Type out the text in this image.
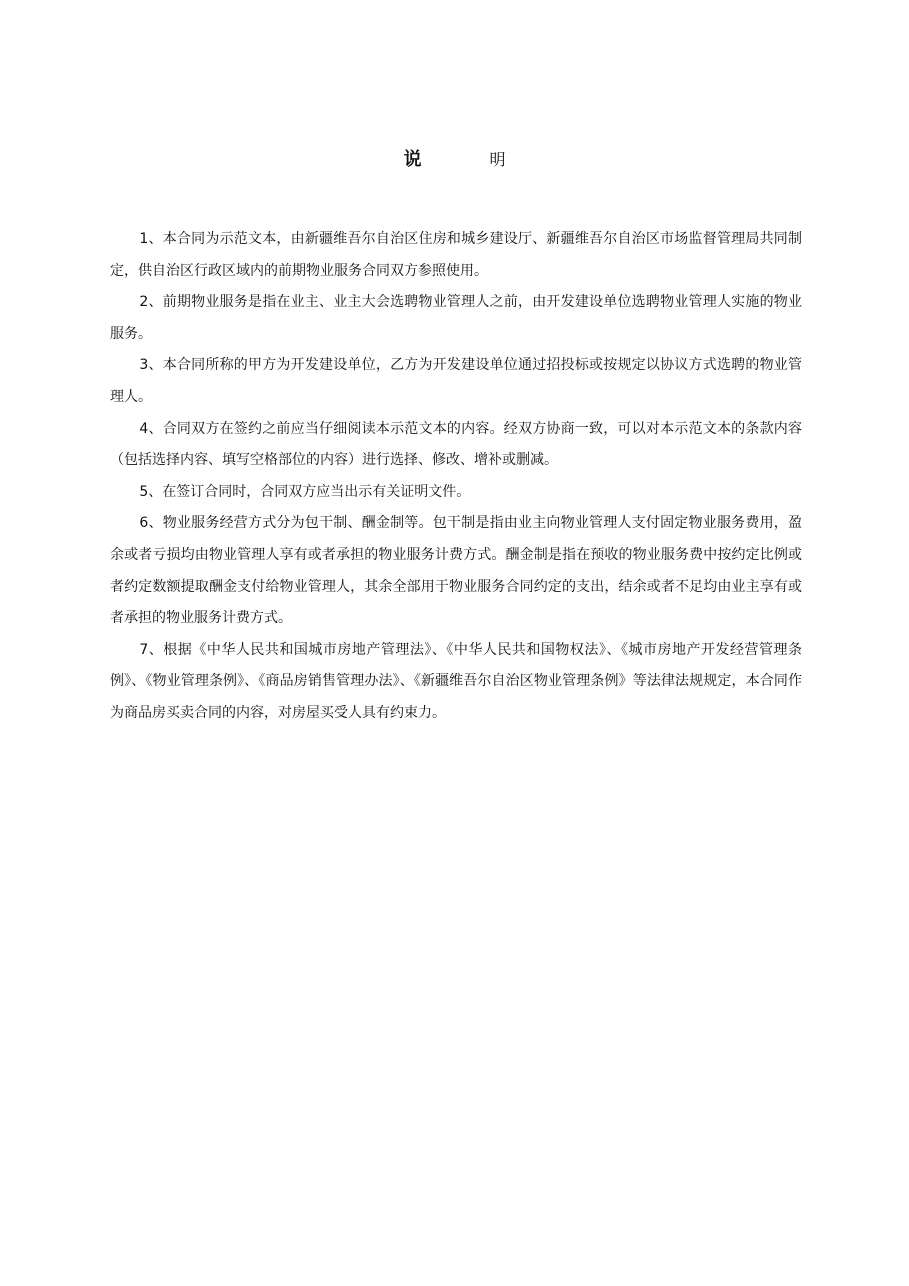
说	明

1、本合同为示范文本，由新疆维吾尔自治区住房和城乡建设厅、新疆维吾尔自治区市场监督管理局共同制定，供自治区行政区域内的前期物业服务合同双方参照使用。

2、前期物业服务是指在业主、业主大会选聘物业管理人之前，由开发建设单位选聘物业管理人实施的物业服务。

3、本合同所称的甲方为开发建设单位，乙方为开发建设单位通过招投标或按规定以协议方式选聘的物业管理人。

4、合同双方在签约之前应当仔细阅读本示范文本的内容。经双方协商一致，可以对本示范文本的条款内容（包括选择内容、填写空格部位的内容）进行选择、修改、增补或删减。

5、在签订合同时，合同双方应当出示有关证明文件。

6、物业服务经营方式分为包干制、酬金制等。包干制是指由业主向物业管理人支付固定物业服务费用，盈余或者亏损均由物业管理人享有或者承担的物业服务计费方式。酬金制是指在预收的物业服务费中按约定比例或者约定数额提取酬金支付给物业管理人，其余全部用于物业服务合同约定的支出，结余或者不足均由业主享有或者承担的物业服务计费方式。

7、根据《中华人民共和国城市房地产管理法》、《中华人民共和国物权法》、《城市房地产开发经营管理条例》、《物业管理条例》、《商品房销售管理办法》、《新疆维吾尔自治区物业管理条例》等法律法规规定，本合同作为商品房买卖合同的内容，对房屋买受人具有约束力。
